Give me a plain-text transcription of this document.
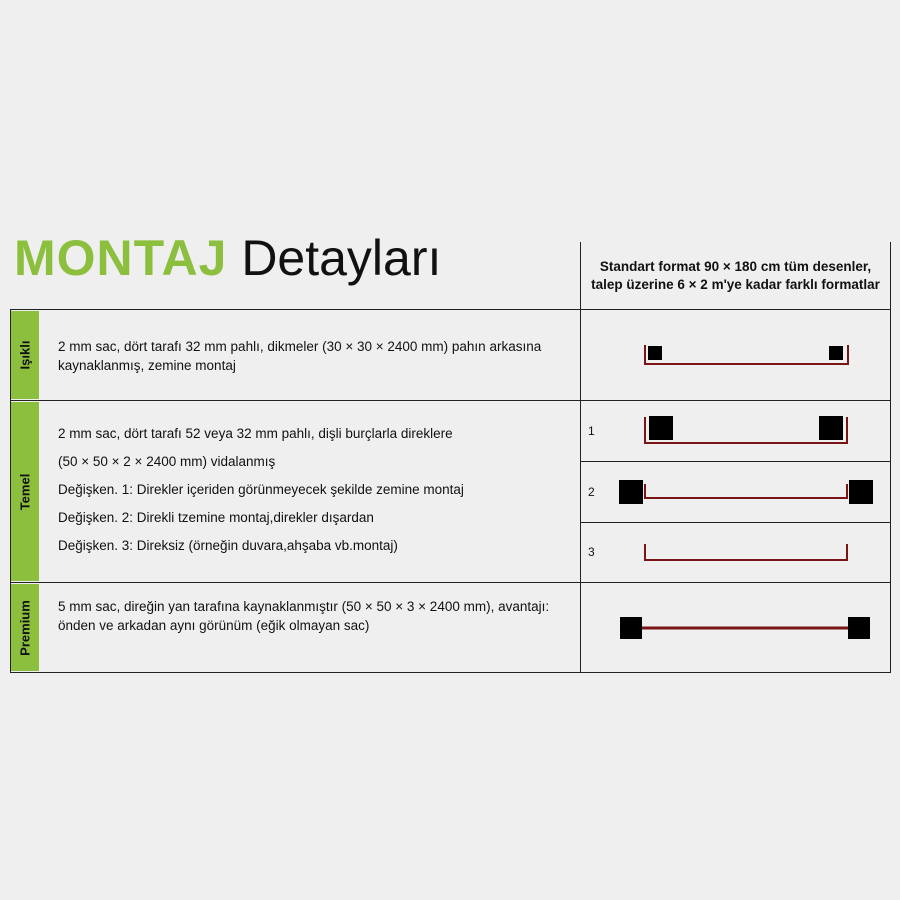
MONTAJ Detayları	Standart format 90 × 180 cm tüm desenler, talep üzerine 6 × 2 m'ye kadar farklı formatlar
Işıklı
Temel
Premium

2 mm sac, dört tarafı 32 mm pahlı, dikmeler (30 × 30 × 2400 mm) pahın arkasına kaynaklanmış, zemine montaj

2 mm sac, dört tarafı 52 veya 32 mm pahlı, dişli burçlarla direklere

(50 × 50 × 2 × 2400 mm) vidalanmış

Değişken. 1: Direkler içeriden görünmeyecek şekilde zemine montaj

Değişken. 2: Direkli tzemine montaj,direkler dışardan

Değişken. 3: Direksiz (örneğin duvara,ahşaba vb.montaj)

5 mm sac, direğin yan tarafına kaynaklanmıştır (50 × 50 × 3 × 2400 mm), avantajı: önden ve arkadan aynı görünüm (eğik olmayan sac)

1
2
3
